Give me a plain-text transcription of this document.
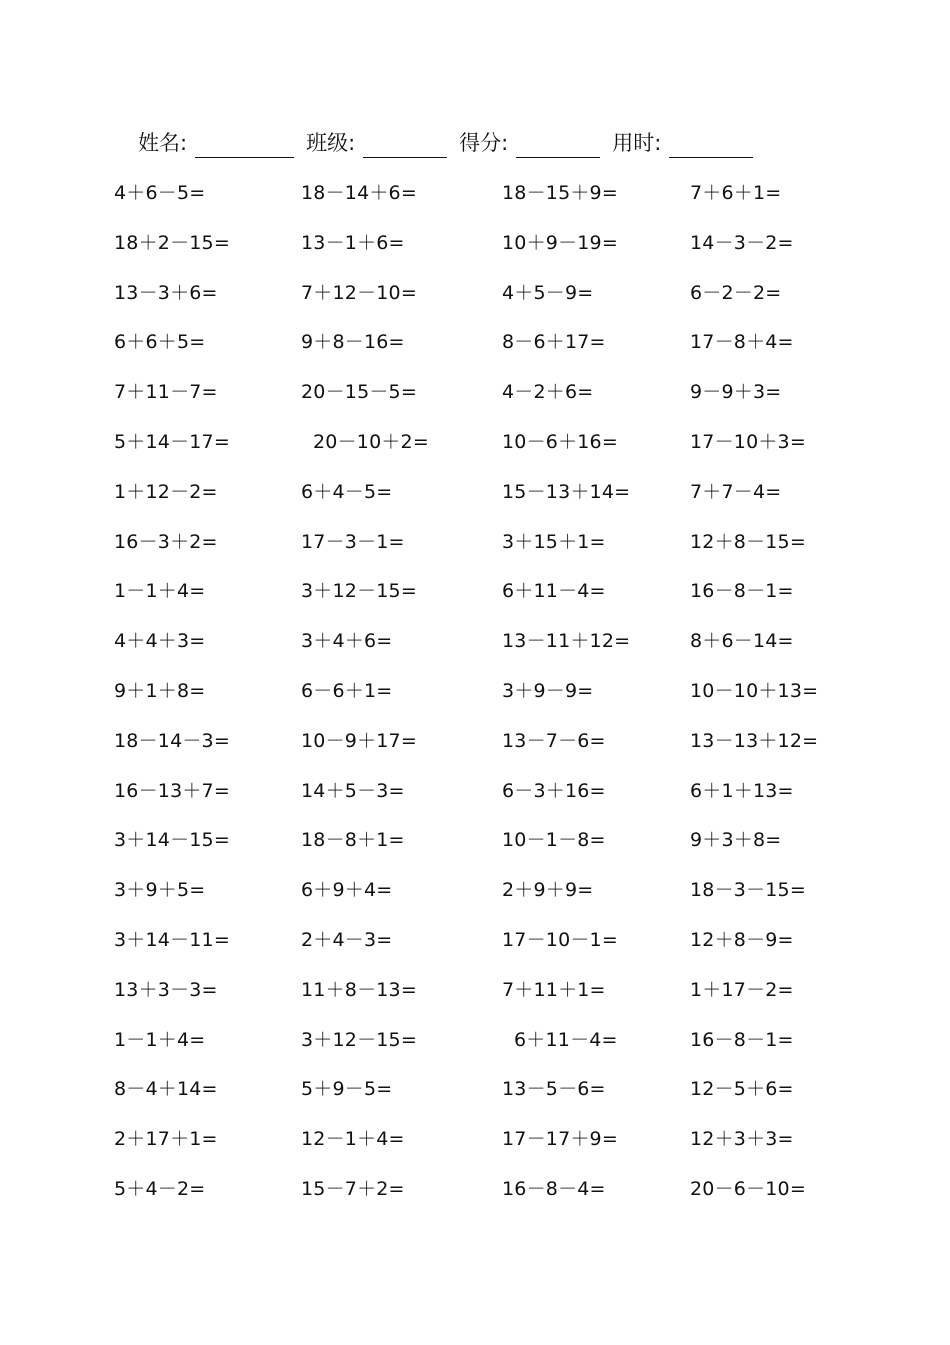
姓名:	班级:	得分:	用时:
4＋6－5=	18－14＋6=	18－15＋9=	7＋6＋1=
18＋2－15=	13－1＋6=	10＋9－19=	14－3－2=
13－3＋6=	7＋12－10=	4＋5－9=	6－2－2=
6＋6＋5=	9＋8－16=	8－6＋17=	17－8＋4=
7＋11－7=	20－15－5=	4－2＋6=	9－9＋3=
5＋14－17=	20－10＋2=	10－6＋16=	17－10＋3=
1＋12－2=	6＋4－5=	15－13＋14=	7＋7－4=
16－3＋2=	17－3－1=	3＋15＋1=	12＋8－15=
1－1＋4=	3＋12－15=	6＋11－4=	16－8－1=
4＋4＋3=	3＋4＋6=	13－11＋12=	8＋6－14=
9＋1＋8=	6－6＋1=	3＋9－9=	10－10＋13=
18－14－3=	10－9＋17=	13－7－6=	13－13＋12=
16－13＋7=	14＋5－3=	6－3＋16=	6＋1＋13=
3＋14－15=	18－8＋1=	10－1－8=	9＋3＋8=
3＋9＋5=	6＋9＋4=	2＋9＋9=	18－3－15=
3＋14－11=	2＋4－3=	17－10－1=	12＋8－9=
13＋3－3=	11＋8－13=	7＋11＋1=	1＋17－2=
1－1＋4=	3＋12－15=	6＋11－4=	16－8－1=
8－4＋14=	5＋9－5=	13－5－6=	12－5＋6=
2＋17＋1=	12－1＋4=	17－17＋9=	12＋3＋3=
5＋4－2=	15－7＋2=	16－8－4=	20－6－10=
